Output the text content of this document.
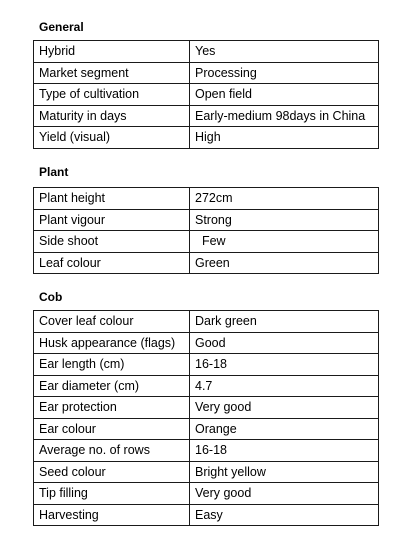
General
Hybrid	Yes
Market segment	Processing
Type of cultivation	Open field
Maturity in days	Early-medium 98days in China
Yield (visual)	High
Plant
Plant height	272cm
Plant vigour	Strong
Side shoot	Few
Leaf colour	Green
Cob
Cover leaf colour	Dark green
Husk appearance (flags)	Good
Ear length (cm)	16-18
Ear diameter (cm)	4.7
Ear protection	Very good
Ear colour	Orange
Average no. of rows	16-18
Seed colour	Bright yellow
Tip filling	Very good
Harvesting	Easy
